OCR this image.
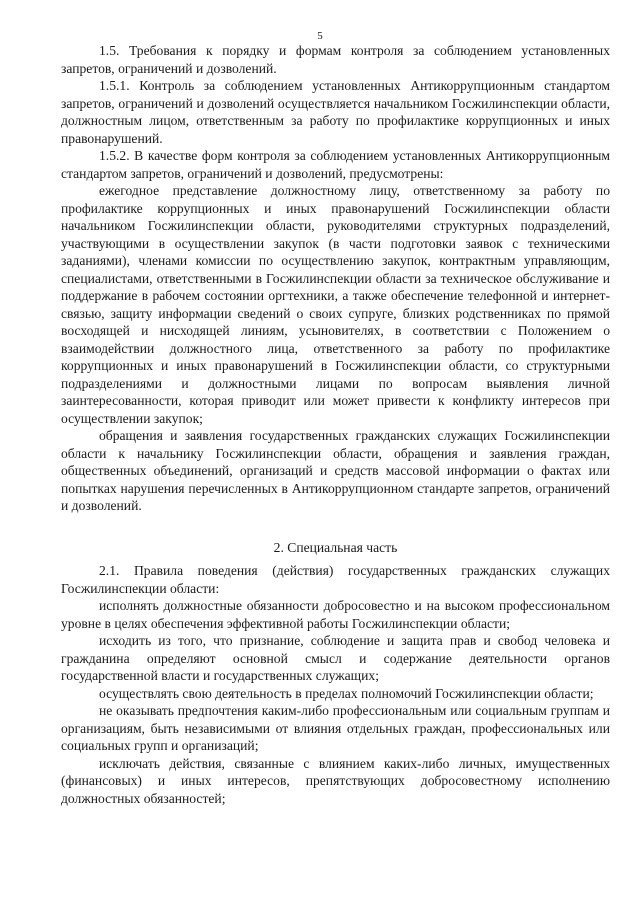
5

1.5. Требования к порядку и формам контроля за соблюдением установленных запретов, ограничений и дозволений.

1.5.1. Контроль за соблюдением установленных Антикоррупционным стандартом запретов, ограничений и дозволений осуществляется начальником Госжилинспекции области, должностным лицом, ответственным за работу по профилактике коррупционных и иных правонарушений.

1.5.2. В качестве форм контроля за соблюдением установленных Антикоррупционным стандартом запретов, ограничений и дозволений, предусмотрены:

ежегодное представление должностному лицу, ответственному за работу по профилактике коррупционных и иных правонарушений Госжилинспекции области начальником Госжилинспекции области, руководителями структурных подразделений, участвующими в осуществлении закупок (в части подготовки заявок с техническими заданиями), членами комиссии по осуществлению закупок, контрактным управляющим, специалистами, ответственными в Госжилинспекции области за техническое обслуживание и поддержание в рабочем состоянии оргтехники, а также обеспечение телефонной и интернет-связью, защиту информации сведений о своих супруге, близких родственниках по прямой восходящей и нисходящей линиям, усыновителях, в соответствии с Положением о взаимодействии должностного лица, ответственного за работу по профилактике коррупционных и иных правонарушений в Госжилинспекции области, со структурными подразделениями и должностными лицами по вопросам выявления личной заинтересованности, которая приводит или может привести к конфликту интересов при осуществлении закупок;

обращения и заявления государственных гражданских служащих Госжилинспекции области к начальнику Госжилинспекции области, обращения и заявления граждан, общественных объединений, организаций и средств массовой информации о фактах или попытках нарушения перечисленных в Антикоррупционном стандарте запретов, ограничений и дозволений.

2. Специальная часть

2.1. Правила поведения (действия) государственных гражданских служащих Госжилинспекции области:

исполнять должностные обязанности добросовестно и на высоком профессиональном уровне в целях обеспечения эффективной работы Госжилинспекции области;

исходить из того, что признание, соблюдение и защита прав и свобод человека и гражданина определяют основной смысл и содержание деятельности органов государственной власти и государственных служащих;

осуществлять свою деятельность в пределах полномочий Госжилинспекции области;

не оказывать предпочтения каким-либо профессиональным или социальным группам и организациям, быть независимыми от влияния отдельных граждан, профессиональных или социальных групп и организаций;

исключать действия, связанные с влиянием каких-либо личных, имущественных (финансовых) и иных интересов, препятствующих добросовестному исполнению должностных обязанностей;
